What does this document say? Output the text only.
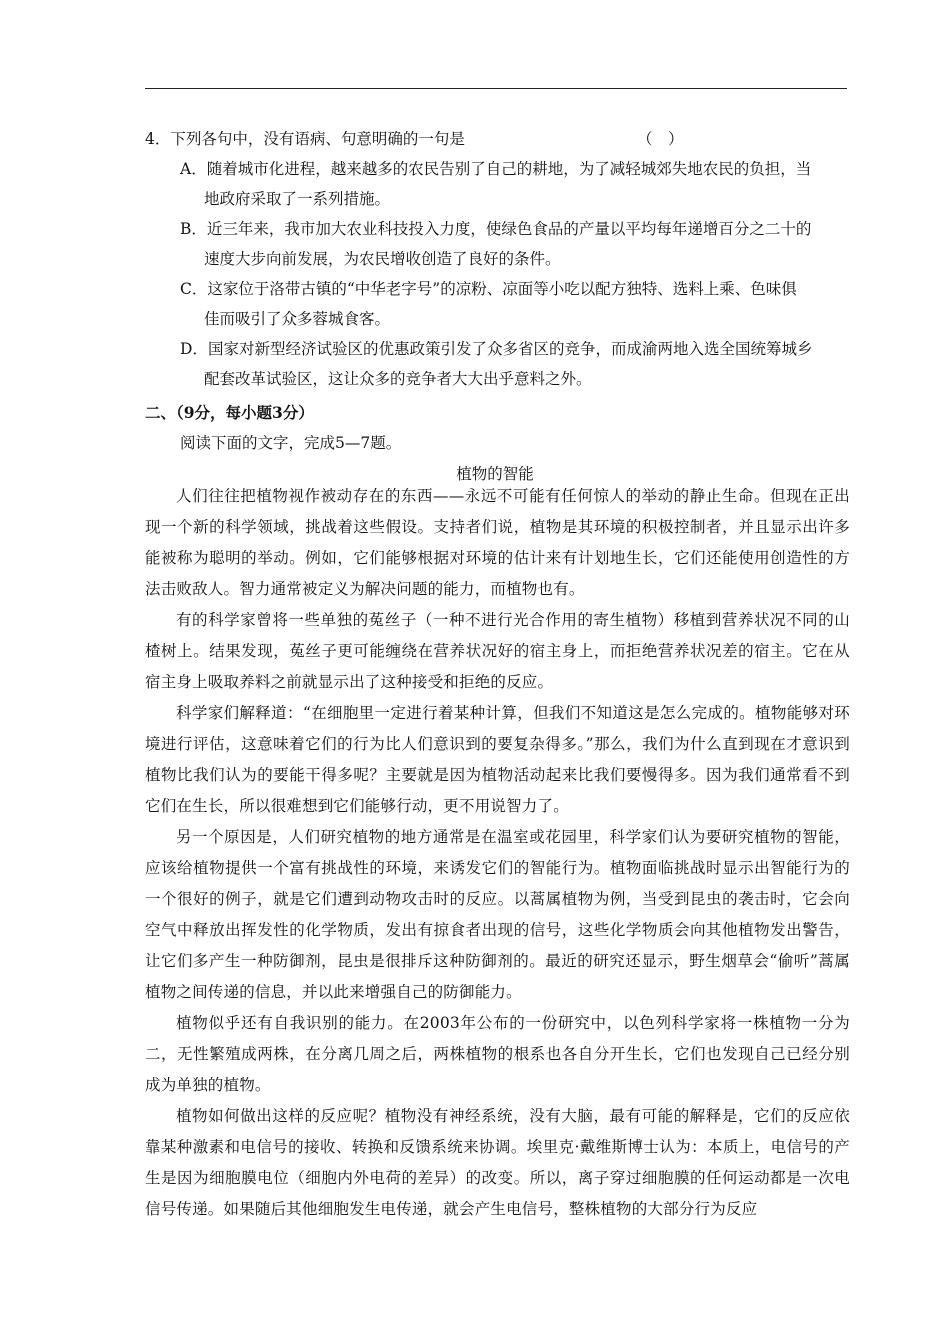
4．下列各句中，没有语病、句意明确的一句是	（　）
A．随着城市化进程，越来越多的农民告别了自己的耕地，为了减轻城郊失地农民的负担，当
地政府采取了一系列措施。
B．近三年来，我市加大农业科技投入力度，使绿色食品的产量以平均每年递增百分之二十的
速度大步向前发展，为农民增收创造了良好的条件。
C．这家位于洛带古镇的“中华老字号”的凉粉、凉面等小吃以配方独特、选料上乘、色味俱
佳而吸引了众多蓉城食客。
D．国家对新型经济试验区的优惠政策引发了众多省区的竞争，而成渝两地入选全国统筹城乡
配套改革试验区，这让众多的竞争者大大出乎意料之外。
二、（9分，每小题3分）
阅读下面的文字，完成5—7题。
植物的智能

人们往往把植物视作被动存在的东西——永远不可能有任何惊人的举动的静止生命。但现在正出现一个新的科学领域，挑战着这些假设。支持者们说，植物是其环境的积极控制者，并且显示出许多能被称为聪明的举动。例如，它们能够根据对环境的估计来有计划地生长，它们还能使用创造性的方法击败敌人。智力通常被定义为解决问题的能力，而植物也有。

有的科学家曾将一些单独的菟丝子（一种不进行光合作用的寄生植物）移植到营养状况不同的山楂树上。结果发现，菟丝子更可能缠绕在营养状况好的宿主身上，而拒绝营养状况差的宿主。它在从宿主身上吸取养料之前就显示出了这种接受和拒绝的反应。

科学家们解释道：“在细胞里一定进行着某种计算，但我们不知道这是怎么完成的。植物能够对环境进行评估，这意味着它们的行为比人们意识到的要复杂得多。”那么，我们为什么直到现在才意识到植物比我们认为的要能干得多呢？主要就是因为植物活动起来比我们要慢得多。因为我们通常看不到它们在生长，所以很难想到它们能够行动，更不用说智力了。

另一个原因是，人们研究植物的地方通常是在温室或花园里，科学家们认为要研究植物的智能，应该给植物提供一个富有挑战性的环境，来诱发它们的智能行为。植物面临挑战时显示出智能行为的一个很好的例子，就是它们遭到动物攻击时的反应。以蒿属植物为例，当受到昆虫的袭击时，它会向空气中释放出挥发性的化学物质，发出有掠食者出现的信号，这些化学物质会向其他植物发出警告，让它们多产生一种防御剂，昆虫是很排斥这种防御剂的。最近的研究还显示，野生烟草会“偷听”蒿属植物之间传递的信息，并以此来增强自己的防御能力。

植物似乎还有自我识别的能力。在2003年公布的一份研究中，以色列科学家将一株植物一分为二，无性繁殖成两株，在分离几周之后，两株植物的根系也各自分开生长，它们也发现自己已经分别成为单独的植物。

植物如何做出这样的反应呢？植物没有神经系统，没有大脑，最有可能的解释是，它们的反应依靠某种激素和电信号的接收、转换和反馈系统来协调。埃里克·戴维斯博士认为：本质上，电信号的产生是因为细胞膜电位（细胞内外电荷的差异）的改变。所以，离子穿过细胞膜的任何运动都是一次电信号传递。如果随后其他细胞发生电传递，就会产生电信号，整株植物的大部分行为反应
